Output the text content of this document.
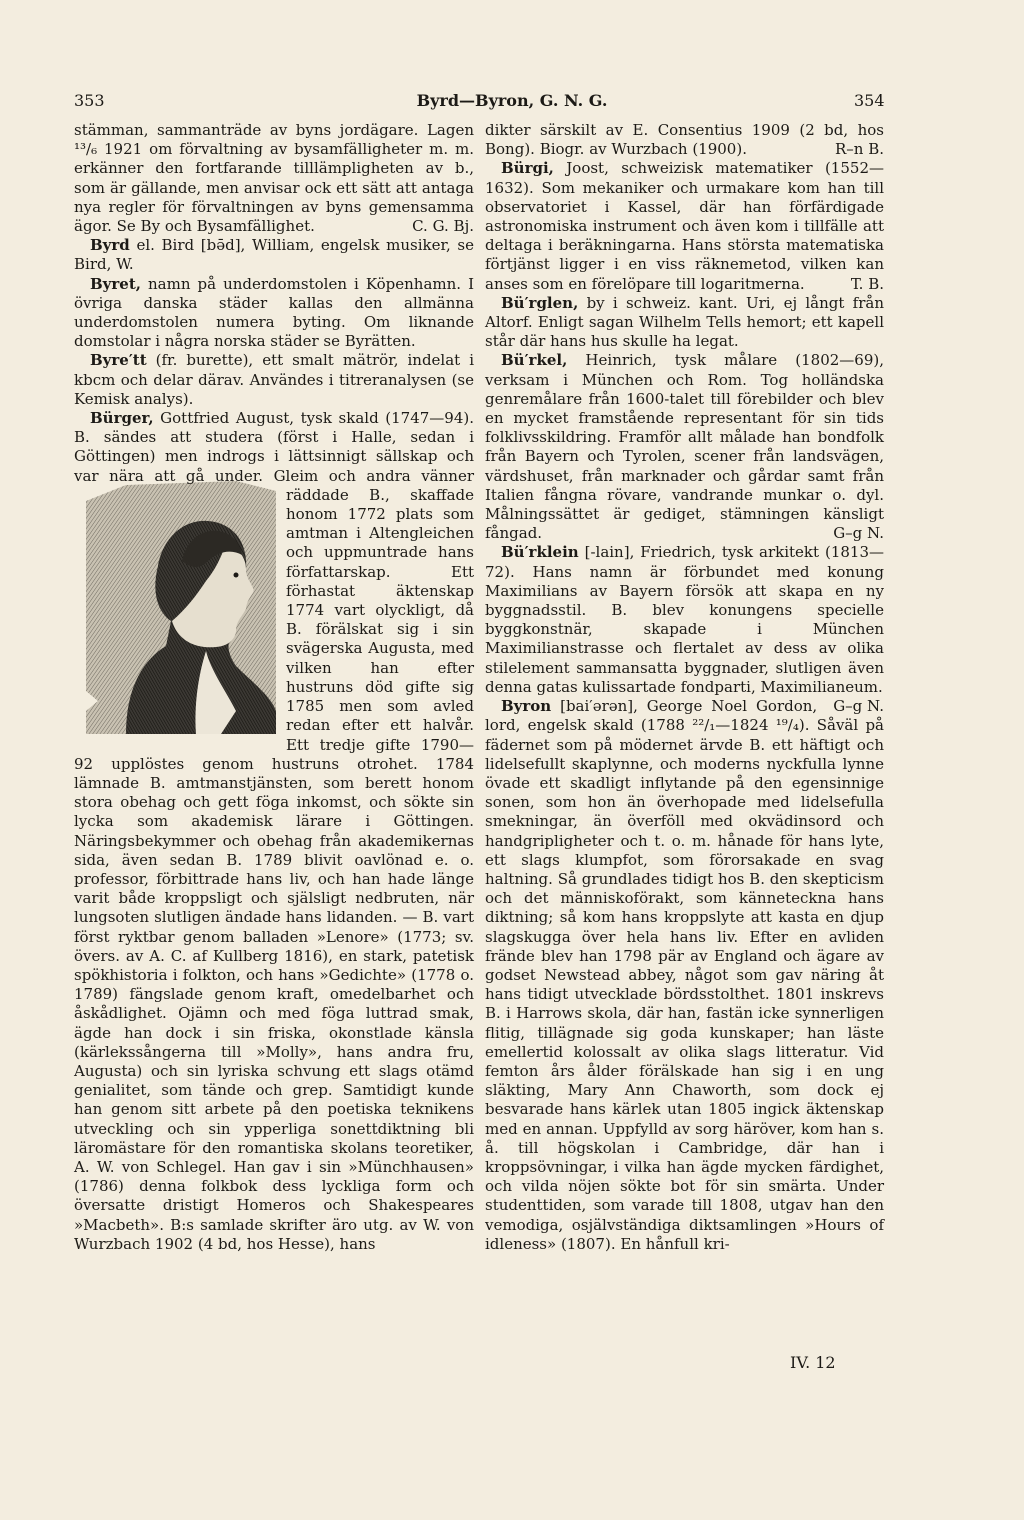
353	Byrd—Byron, G. N. G.	354

stämman, sammanträde av byns jordägare. Lagen ¹³/₆ 1921 om förvaltning av bysamfälligheter m. m. erkänner den fortfarande tilllämpligheten av b., som är gällande, men anvisar ock ett sätt att antaga nya regler för förvaltningen av byns gemensamma ägor. Se By och Bysamfällighet.	C. G. Bj.

Byrd el. Bird [bə̄d], William, engelsk musiker, se Bird, W.

Byret, namn på underdomstolen i Köpenhamn. I övriga danska städer kallas den allmänna underdomstolen numera byting. Om liknande domstolar i några norska städer se Byrätten.

Byre′tt (fr. burette), ett smalt mätrör, indelat i kbcm och delar därav. Användes i titreranalysen (se Kemisk analys).

Bürger, Gottfried August, tysk skald (1747—94). B. sändes att studera (först i Halle, sedan i Göttingen) men indrogs i lättsinnigt sällskap och var nära att gå under.
Gleim och andra vänner räddade B., skaffade honom 1772 plats som amtman i Altengleichen och uppmuntrade hans författarskap. Ett förhastat äktenskap 1774 vart olyckligt, då B. förälskat sig i sin svägerska Augusta, med vilken han efter hustruns död gifte sig 1785 men som avled redan efter ett halvår. Ett tredje gifte 1790—92 upplöstes genom hustruns otrohet. 1784 lämnade B. amtmanstjänsten, som berett honom stora obehag och gett föga inkomst, och sökte sin lycka som akademisk lärare i Göttingen. Näringsbekymmer och obehag från akademikernas sida, även sedan B. 1789 blivit oavlönad e. o. professor, förbittrade hans liv, och han hade länge varit både kroppsligt och själsligt nedbruten, när lungsoten slutligen ändade hans lidanden. — B. vart först ryktbar genom balladen »Lenore» (1773; sv. övers. av A. C. af Kullberg 1816), en stark, patetisk spökhistoria i folkton, och hans »Gedichte» (1778 o. 1789) fängslade genom kraft, omedelbarhet och åskådlighet. Ojämn och med föga luttrad smak, ägde han dock i sin friska, okonstlade känsla (kärlekssångerna till »Molly», hans andra fru, Augusta) och sin lyriska schvung ett slags otämd genialitet, som tände och grep. Samtidigt kunde han genom sitt arbete på den poetiska teknikens utveckling och sin ypperliga sonettdiktning bli läromästare för den romantiska skolans teoretiker, A. W. von Schlegel. Han gav i sin »Münchhausen» (1786) denna folkbok dess lyckliga form och översatte dristigt Homeros och Shakespeares »Macbeth». B:s samlade skrifter äro utg. av W. von Wurzbach 1902 (4 bd, hos Hesse), hans

dikter särskilt av E. Consentius 1909 (2 bd, hos Bong). Biogr. av Wurzbach (1900).	R–n B.

Bürgi, Joost, schweizisk matematiker (1552—1632). Som mekaniker och urmakare kom han till observatoriet i Kassel, där han förfärdigade astronomiska instrument och även kom i tillfälle att deltaga i beräkningarna. Hans största matematiska förtjänst ligger i en viss räknemetod, vilken kan anses som en förelöpare till logaritmerna.	T. B.

Bü′rglen, by i schweiz. kant. Uri, ej långt från Altorf. Enligt sagan Wilhelm Tells hemort; ett kapell står där hans hus skulle ha legat.

Bü′rkel, Heinrich, tysk målare (1802—69), verksam i München och Rom. Tog holländska genremålare från 1600-talet till förebilder och blev en mycket framstående representant för sin tids folklivsskildring. Framför allt målade han bondfolk från Bayern och Tyrolen, scener från landsvägen, värdshuset, från marknader och gårdar samt från Italien fångna rövare, vandrande munkar o. dyl. Målningssättet är gediget, stämningen känsligt fångad.	G–g N.

Bü′rklein [-lain], Friedrich, tysk arkitekt (1813—72). Hans namn är förbundet med konung Maximilians av Bayern försök att skapa en ny byggnadsstil. B. blev konungens specielle byggkonstnär, skapade i München Maximilianstrasse och flertalet av dess av olika stilelement sammansatta byggnader, slutligen även denna gatas kulissartade fondparti, Maximilianeum.
G–g N.

Byron [bai′ərən], George Noel Gordon, lord, engelsk skald (1788 ²²/₁—1824 ¹⁹/₄). Såväl på fädernet som på mödernet ärvde B. ett häftigt och lidelsefullt skaplynne, och moderns nyckfulla lynne övade ett skadligt inflytande på den egensinnige sonen, som hon än överhopade med lidelsefulla smekningar, än överföll med okvädinsord och handgripligheter och t. o. m. hånade för hans lyte, ett slags klumpfot, som förorsakade en svag haltning. Så grundlades tidigt hos B. den skepticism och det människoförakt, som känneteckna hans diktning; så kom hans kroppslyte att kasta en djup slagskugga över hela hans liv. Efter en avliden frände blev han 1798 pär av England och ägare av godset Newstead abbey, något som gav näring åt hans tidigt utvecklade bördsstolthet. 1801 inskrevs B. i Harrows skola, där han, fastän icke synnerligen flitig, tillägnade sig goda kunskaper; han läste emellertid kolossalt av olika slags litteratur. Vid femton års ålder förälskade han sig i en ung släkting, Mary Ann Chaworth, som dock ej besvarade hans kärlek utan 1805 ingick äktenskap med en annan. Uppfylld av sorg häröver, kom han s. å. till högskolan i Cambridge, där han i kroppsövningar, i vilka han ägde mycken färdighet, och vilda nöjen sökte bot för sin smärta. Under studenttiden, som varade till 1808, utgav han den vemodiga, osjälvständiga diktsamlingen »Hours of idleness» (1807). En hånfull kri-

IV. 12
